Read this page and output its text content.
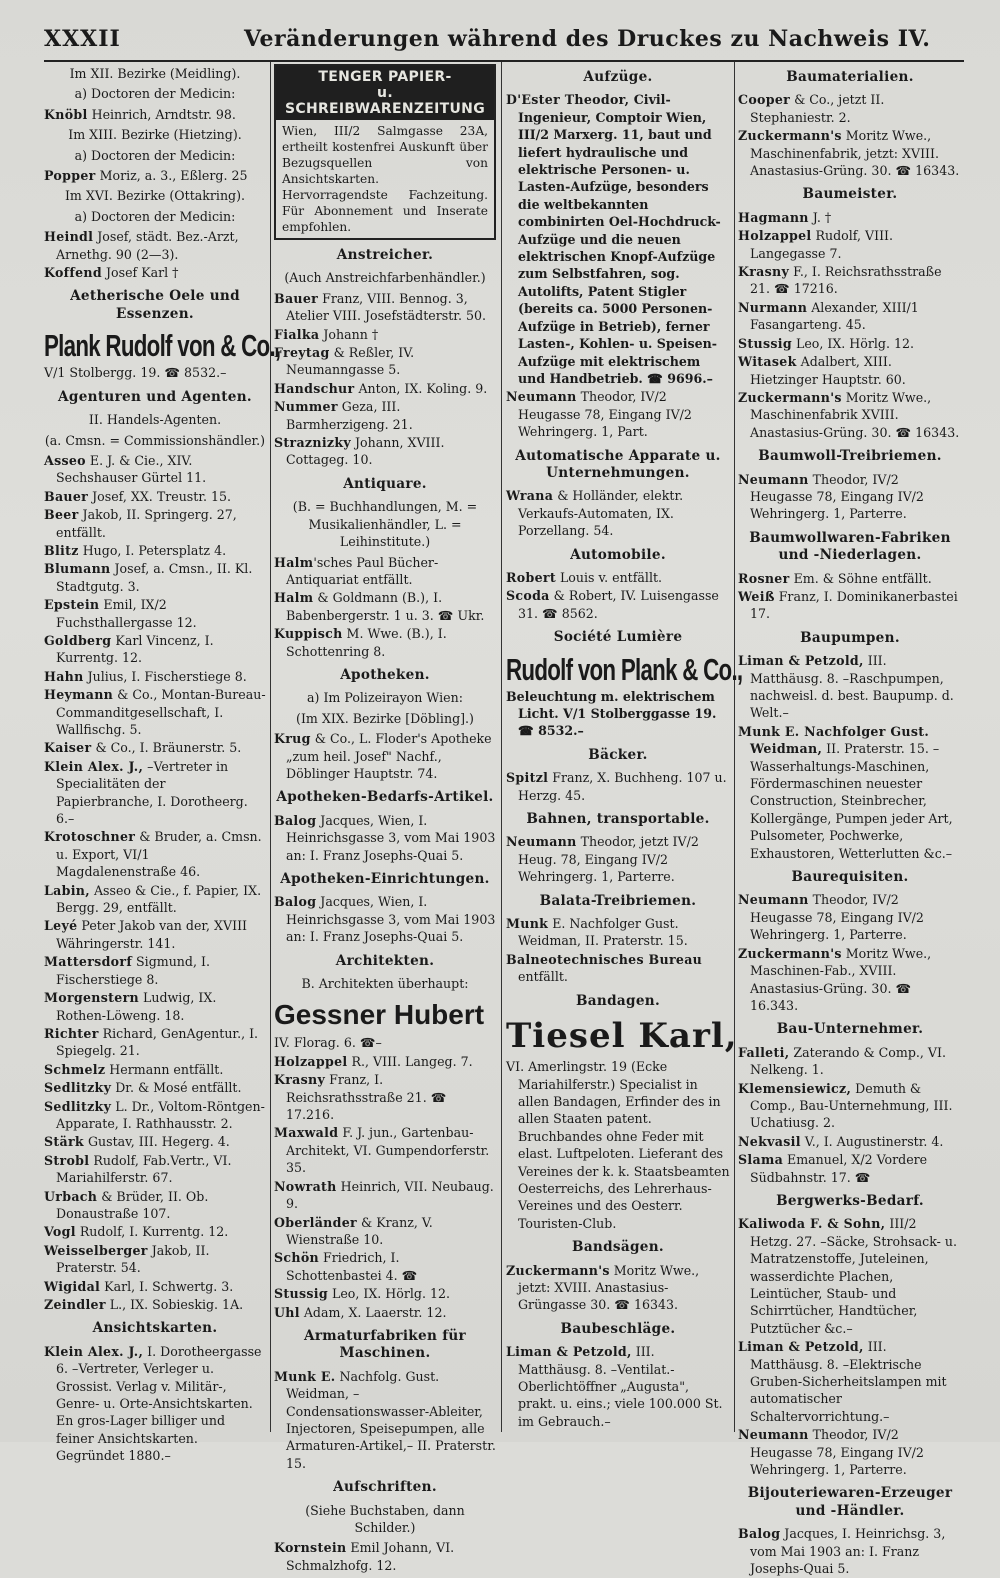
XXXII	Veränderungen während des Druckes zu Nachweis IV.
Im XII. Bezirke (Meidling).
a) Doctoren der Medicin:
Knöbl Heinrich, Arndtstr. 98.
Im XIII. Bezirke (Hietzing).
a) Doctoren der Medicin:
Popper Moriz, a. 3., Eßlerg. 25
Im XVI. Bezirke (Ottakring).
a) Doctoren der Medicin:
Heindl Josef, städt. Bez.-Arzt, Arnethg. 90 (2—3).
Koffend Josef Karl †
Aetherische Oele und Essenzen.
Plank Rudolf von & Co.,
V/1 Stolbergg. 19. ☎ 8532.–
Agenturen und Agenten.
II. Handels-Agenten.
(a. Cmsn. = Commissionshändler.)
Asseo E. J. & Cie., XIV. Sechshauser Gürtel 11.
Bauer Josef, XX. Treustr. 15.
Beer Jakob, II. Springerg. 27, entfällt.
Blitz Hugo, I. Petersplatz 4.
Blumann Josef, a. Cmsn., II. Kl. Stadtgutg. 3.
Epstein Emil, IX/2 Fuchsthallergasse 12.
Goldberg Karl Vincenz, I. Kurrentg. 12.
Hahn Julius, I. Fischerstiege 8.
Heymann & Co., Montan-Bureau-Commanditgesellschaft, I. Wallfischg. 5.
Kaiser & Co., I. Bräunerstr. 5.
Klein Alex. J., –Vertreter in Specialitäten der Papierbranche, I. Dorotheerg. 6.–
Krotoschner & Bruder, a. Cmsn. u. Export, VI/1 Magdalenenstraße 46.
Labin, Asseo & Cie., f. Papier, IX. Bergg. 29, entfällt.
Leyé Peter Jakob van der, XVIII Währingerstr. 141.
Mattersdorf Sigmund, I. Fischerstiege 8.
Morgenstern Ludwig, IX. Rothen-Löweng. 18.
Richter Richard, GenAgentur., I. Spiegelg. 21.
Schmelz Hermann entfällt.
Sedlitzky Dr. & Mosé entfällt.
Sedlitzky L. Dr., Voltom-Röntgen-Apparate, I. Rathhausstr. 2.
Stärk Gustav, III. Hegerg. 4.
Strobl Rudolf, Fab.Vertr., VI. Mariahilferstr. 67.
Urbach & Brüder, II. Ob. Donaustraße 107.
Vogl Rudolf, I. Kurrentg. 12.
Weisselberger Jakob, II. Praterstr. 54.
Wigidal Karl, I. Schwertg. 3.
Zeindler L., IX. Sobieskig. 1A.
Ansichtskarten.
Klein Alex. J., I. Dorotheergasse 6. –Vertreter, Verleger u. Grossist. Verlag v. Militär-, Genre- u. Orte-Ansichtskarten. En gros-Lager billiger und feiner Ansichtskarten. Gegründet 1880.–
TENGER PAPIER-
u. SCHREIBWARENZEITUNG
Wien, III/2 Salmgasse 23A, ertheilt kostenfrei Auskunft über Bezugsquellen von Ansichtskarten. Hervorragendste Fachzeitung. Für Abonnement und Inserate empfohlen.
Anstreicher.
(Auch Anstreichfarbenhändler.)
Bauer Franz, VIII. Bennog. 3, Atelier VIII. Josefstädterstr. 50.
Fialka Johann †
Freytag & Reßler, IV. Neumanngasse 5.
Handschur Anton, IX. Koling. 9.
Nummer Geza, III. Barmherzigeng. 21.
Straznizky Johann, XVIII. Cottageg. 10.
Antiquare.
(B. = Buchhandlungen, M. = Musikalienhändler, L. = Leihinstitute.)
Halm'sches Paul Bücher-Antiquariat entfällt.
Halm & Goldmann (B.), I. Babenbergerstr. 1 u. 3. ☎ Ukr.
Kuppisch M. Wwe. (B.), I. Schottenring 8.
Apotheken.
a) Im Polizeirayon Wien:
(Im XIX. Bezirke [Döbling].)
Krug & Co., L. Floder's Apotheke „zum heil. Josef" Nachf., Döblinger Hauptstr. 74.
Apotheken-Bedarfs-Artikel.
Balog Jacques, Wien, I. Heinrichsgasse 3, vom Mai 1903 an: I. Franz Josephs-Quai 5.
Apotheken-Einrichtungen.
Balog Jacques, Wien, I. Heinrichsgasse 3, vom Mai 1903 an: I. Franz Josephs-Quai 5.
Architekten.
B. Architekten überhaupt:
Gessner Hubert
IV. Florag. 6. ☎–
Holzappel R., VIII. Langeg. 7.
Krasny Franz, I. Reichsrathsstraße 21. ☎ 17.216.
Maxwald F. J. jun., Gartenbau-Architekt, VI. Gumpendorferstr. 35.
Nowrath Heinrich, VII. Neubaug. 9.
Oberländer & Kranz, V. Wienstraße 10.
Schön Friedrich, I. Schottenbastei 4. ☎
Stussig Leo, IX. Hörlg. 12.
Uhl Adam, X. Laaerstr. 12.
Armaturfabriken für Maschinen.
Munk E. Nachfolg. Gust. Weidman, –Condensationswasser-Ableiter, Injectoren, Speisepumpen, alle Armaturen-Artikel,– II. Praterstr. 15.
Aufschriften.
(Siehe Buchstaben, dann Schilder.)
Kornstein Emil Johann, VI. Schmalzhofg. 12.
Aufzüge.
D'Ester Theodor, Civil-Ingenieur, Comptoir Wien, III/2 Marxerg. 11, baut und liefert hydraulische und elektrische Personen- u. Lasten-Aufzüge, besonders die weltbekannten combinirten Oel-Hochdruck-Aufzüge und die neuen elektrischen Knopf-Aufzüge zum Selbstfahren, sog. Autolifts, Patent Stigler (bereits ca. 5000 Personen-Aufzüge in Betrieb), ferner Lasten-, Kohlen- u. Speisen-Aufzüge mit elektrischem und Handbetrieb. ☎ 9696.–
Neumann Theodor, IV/2 Heugasse 78, Eingang IV/2 Wehringerg. 1, Part.
Automatische Apparate u. Unternehmungen.
Wrana & Holländer, elektr. Verkaufs-Automaten, IX. Porzellang. 54.
Automobile.
Robert Louis v. entfällt.
Scoda & Robert, IV. Luisengasse 31. ☎ 8562.
Société Lumière
Rudolf von Plank & Co.,
Beleuchtung m. elektrischem Licht. V/1 Stolberggasse 19. ☎ 8532.–
Bäcker.
Spitzl Franz, X. Buchheng. 107 u. Herzg. 45.
Bahnen, transportable.
Neumann Theodor, jetzt IV/2 Heug. 78, Eingang IV/2 Wehringerg. 1, Parterre.
Balata-Treibriemen.
Munk E. Nachfolger Gust. Weidman, II. Praterstr. 15.
Balneotechnisches Bureau entfällt.
Bandagen.
Tiesel Karl,
VI. Amerlingstr. 19 (Ecke Mariahilferstr.) Specialist in allen Bandagen, Erfinder des in allen Staaten patent. Bruchbandes ohne Feder mit elast. Luftpeloten. Lieferant des Vereines der k. k. Staatsbeamten Oesterreichs, des Lehrerhaus-Vereines und des Oesterr. Touristen-Club.
Bandsägen.
Zuckermann's Moritz Wwe., jetzt: XVIII. Anastasius-Grüngasse 30. ☎ 16343.
Baubeschläge.
Liman & Petzold, III. Matthäusg. 8. –Ventilat.-Oberlichtöffner „Augusta", prakt. u. eins.; viele 100.000 St. im Gebrauch.–
Baumaterialien.
Cooper & Co., jetzt II. Stephaniestr. 2.
Zuckermann's Moritz Wwe., Maschinenfabrik, jetzt: XVIII. Anastasius-Grüng. 30. ☎ 16343.
Baumeister.
Hagmann J. †
Holzappel Rudolf, VIII. Langegasse 7.
Krasny F., I. Reichsrathsstraße 21. ☎ 17216.
Nurmann Alexander, XIII/1 Fasangarteng. 45.
Stussig Leo, IX. Hörlg. 12.
Witasek Adalbert, XIII. Hietzinger Hauptstr. 60.
Zuckermann's Moritz Wwe., Maschinenfabrik XVIII. Anastasius-Grüng. 30. ☎ 16343.
Baumwoll-Treibriemen.
Neumann Theodor, IV/2 Heugasse 78, Eingang IV/2 Wehringerg. 1, Parterre.
Baumwollwaren-Fabriken und -Niederlagen.
Rosner Em. & Söhne entfällt.
Weiß Franz, I. Dominikanerbastei 17.
Baupumpen.
Liman & Petzold, III. Matthäusg. 8. –Raschpumpen, nachweisl. d. best. Baupump. d. Welt.–
Munk E. Nachfolger Gust. Weidman, II. Praterstr. 15. –Wasserhaltungs-Maschinen, Fördermaschinen neuester Construction, Steinbrecher, Kollergänge, Pumpen jeder Art, Pulsometer, Pochwerke, Exhaustoren, Wetterlutten &c.–
Baurequisiten.
Neumann Theodor, IV/2 Heugasse 78, Eingang IV/2 Wehringerg. 1, Parterre.
Zuckermann's Moritz Wwe., Maschinen-Fab., XVIII. Anastasius-Grüng. 30. ☎ 16.343.
Bau-Unternehmer.
Falleti, Zaterando & Comp., VI. Nelkeng. 1.
Klemensiewicz, Demuth & Comp., Bau-Unternehmung, III. Uchatiusg. 2.
Nekvasil V., I. Augustinerstr. 4.
Slama Emanuel, X/2 Vordere Südbahnstr. 17. ☎
Bergwerks-Bedarf.
Kaliwoda F. & Sohn, III/2 Hetzg. 27. –Säcke, Strohsack- u. Matratzenstoffe, Juteleinen, wasserdichte Plachen, Leintücher, Staub- und Schirrtücher, Handtücher, Putztücher &c.–
Liman & Petzold, III. Matthäusg. 8. –Elektrische Gruben-Sicherheitslampen mit automatischer Schaltervorrichtung.–
Neumann Theodor, IV/2 Heugasse 78, Eingang IV/2 Wehringerg. 1, Parterre.
Bijouteriewaren-Erzeuger und -Händler.
Balog Jacques, I. Heinrichsg. 3, vom Mai 1903 an: I. Franz Josephs-Quai 5.
